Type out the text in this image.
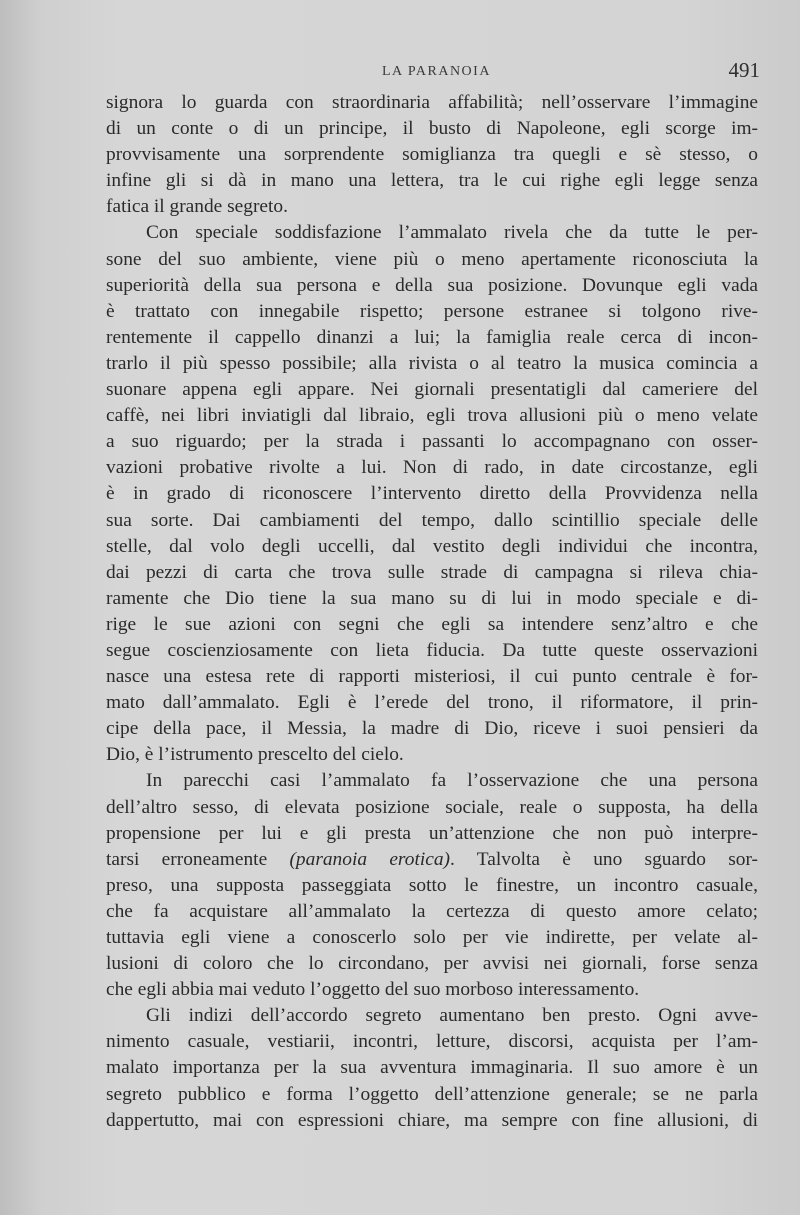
LA PARANOIA	491
signora lo guarda con straordinaria affabilità; nell’osservare l’immagine
di un conte o di un principe, il busto di Napoleone, egli scorge im-
provvisamente una sorprendente somiglianza tra quegli e sè stesso, o
infine gli si dà in mano una lettera, tra le cui righe egli legge senza
fatica il grande segreto.
Con speciale soddisfazione l’ammalato rivela che da tutte le per-
sone del suo ambiente, viene più o meno apertamente riconosciuta la
superiorità della sua persona e della sua posizione. Dovunque egli vada
è trattato con innegabile rispetto; persone estranee si tolgono rive-
rentemente il cappello dinanzi a lui; la famiglia reale cerca di incon-
trarlo il più spesso possibile; alla rivista o al teatro la musica comincia a
suonare appena egli appare. Nei giornali presentatigli dal cameriere del
caffè, nei libri inviatigli dal libraio, egli trova allusioni più o meno velate
a suo riguardo; per la strada i passanti lo accompagnano con osser-
vazioni probative rivolte a lui. Non di rado, in date circostanze, egli
è in grado di riconoscere l’intervento diretto della Provvidenza nella
sua sorte. Dai cambiamenti del tempo, dallo scintillio speciale delle
stelle, dal volo degli uccelli, dal vestito degli individui che incontra,
dai pezzi di carta che trova sulle strade di campagna si rileva chia-
ramente che Dio tiene la sua mano su di lui in modo speciale e di-
rige le sue azioni con segni che egli sa intendere senz’altro e che
segue coscienziosamente con lieta fiducia. Da tutte queste osservazioni
nasce una estesa rete di rapporti misteriosi, il cui punto centrale è for-
mato dall’ammalato. Egli è l’erede del trono, il riformatore, il prin-
cipe della pace, il Messia, la madre di Dio, riceve i suoi pensieri da
Dio, è l’istrumento prescelto del cielo.
In parecchi casi l’ammalato fa l’osservazione che una persona
dell’altro sesso, di elevata posizione sociale, reale o supposta, ha della
propensione per lui e gli presta un’attenzione che non può interpre-
tarsi erroneamente (paranoia erotica). Talvolta è uno sguardo sor-
preso, una supposta passeggiata sotto le finestre, un incontro casuale,
che fa acquistare all’ammalato la certezza di questo amore celato;
tuttavia egli viene a conoscerlo solo per vie indirette, per velate al-
lusioni di coloro che lo circondano, per avvisi nei giornali, forse senza
che egli abbia mai veduto l’oggetto del suo morboso interessamento.
Gli indizi dell’accordo segreto aumentano ben presto. Ogni avve-
nimento casuale, vestiarii, incontri, letture, discorsi, acquista per l’am-
malato importanza per la sua avventura immaginaria. Il suo amore è un
segreto pubblico e forma l’oggetto dell’attenzione generale; se ne parla
dappertutto, mai con espressioni chiare, ma sempre con fine allusioni, di
